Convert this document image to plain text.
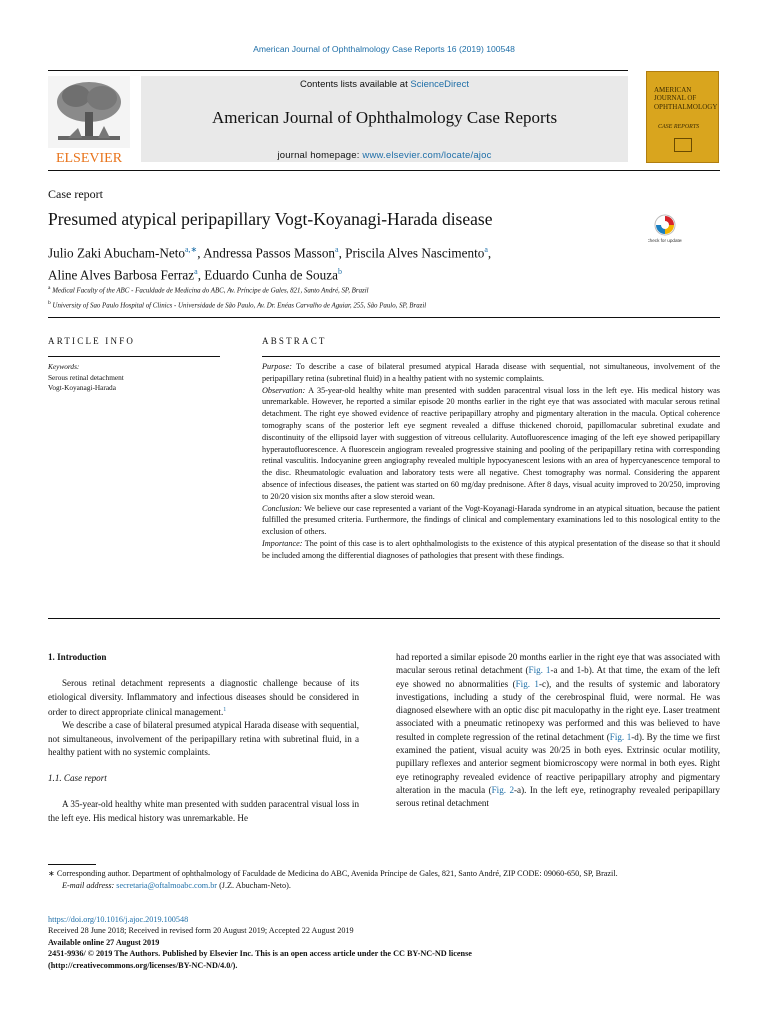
American Journal of Ophthalmology Case Reports 16 (2019) 100548
ELSEVIER
Contents lists available at ScienceDirect
American Journal of Ophthalmology Case Reports
journal homepage: www.elsevier.com/locate/ajoc
AMERICAN
JOURNAL OF
OPHTHALMOLOGY
CASE REPORTS
Case report
Presumed atypical peripapillary Vogt-Koyanagi-Harada disease
Check for updates
Julio Zaki Abucham-Neto$^{a,∗}$, Andressa Passos Masson$^a$, Priscila Alves Nascimento$^a$,
Aline Alves Barbosa Ferraz$^a$, Eduardo Cunha de Souza$^b$
$^a$ Medical Faculty of the ABC - Faculdade de Medicina do ABC, Av. Príncipe de Gales, 821, Santo André, SP, Brazil
$^b$ University of Sao Paulo Hospital of Clinics - Universidade de São Paulo, Av. Dr. Enéas Carvalho de Aguiar, 255, São Paulo, SP, Brazil
ARTICLE INFO	ABSTRACT
Keywords:
Serous retinal detachment
Vogt-Koyanagi-Harada
Purpose: To describe a case of bilateral presumed atypical Harada disease with sequential, not simultaneous, involvement of the peripapillary retina (subretinal fluid) in a healthy patient with no systemic complaints.
Observation: A 35-year-old healthy white man presented with sudden paracentral visual loss in the left eye. His medical history was unremarkable. However, he reported a similar episode 20 months earlier in the right eye that was associated with macular serous retinal detachment. The right eye showed evidence of reactive peripapillary atrophy and pigmentary alteration in the macula. Optical coherence tomography scans of the posterior left eye segment revealed a diffuse thickened choroid, papillomacular subretinal exudate and discontinuity of the ellipsoid layer with suggestion of vitreous cellularity. Autofluorescence imaging of the left eye showed peripapillary hyperautofluorescence. A fluorescein angiogram revealed progressive staining and pooling of the peripapillary retina with corresponding retinal vasculitis. Indocyanine green angiography revealed multiple hypocyanescent lesions with an area of hypercyanescence temporal to the disc. Rheumatologic evaluation and laboratory tests were all negative. Chest tomography was normal. Considering the apparent absence of infectious diseases, the patient was started on 60 mg/day prednisone. After 8 days, visual acuity improved to 20/250, improving to 20/20 vision six months after a slow steroid wean.
Conclusion: We believe our case represented a variant of the Vogt-Koyanagi-Harada syndrome in an atypical situation, because the patient fulfilled the presumed criteria. Furthermore, the findings of clinical and complementary examinations led to this nosological entity to the exclusion of others.
Importance: The point of this case is to alert ophthalmologists to the existence of this atypical presentation of the disease so that it should be included among the differential diagnoses of pathologies that present with these findings.
1. Introduction
Serous retinal detachment represents a diagnostic challenge because of its etiological diversity. Inflammatory and infectious diseases should be considered in order to direct appropriate clinical management.$^1$
We describe a case of bilateral presumed atypical Harada disease with sequential, not simultaneous, involvement of the peripapillary retina with subretinal fluid, in a healthy patient with no systemic complaints.
1.1. Case report
A 35-year-old healthy white man presented with sudden paracentral visual loss in the left eye. His medical history was unremarkable. He
had reported a similar episode 20 months earlier in the right eye that was associated with macular serous retinal detachment (Fig. 1-a and 1-b). At that time, the exam of the left eye showed no abnormalities (Fig. 1-c), and the results of systemic and laboratory investigations, including a study of the cerebrospinal fluid, were normal. He was diagnosed elsewhere with an optic disc pit maculopathy in the right eye. Laser treatment associated with a pneumatic retinopexy was performed and this was believed to have resulted in complete regression of the retinal detachment (Fig. 1-d). By the time we first examined the patient, visual acuity was 20/25 in both eyes. Extrinsic ocular motility, pupillary reflexes and anterior segment biomicroscopy were normal in both eyes. Right eye retinography revealed evidence of reactive peripapillary atrophy and pigmentary alteration in the macula (Fig. 2-a). In the left eye, retinography revealed peripapillary serous retinal detachment
∗ Corresponding author. Department of ophthalmology of Faculdade de Medicina do ABC, Avenida Príncipe de Gales, 821, Santo André, ZIP CODE: 09060-650, SP, Brazil.
E-mail address: secretaria@oftalmoabc.com.br (J.Z. Abucham-Neto).
https://doi.org/10.1016/j.ajoc.2019.100548
Received 28 June 2018; Received in revised form 20 August 2019; Accepted 22 August 2019
Available online 27 August 2019
2451-9936/ © 2019 The Authors. Published by Elsevier Inc. This is an open access article under the CC BY-NC-ND license
(http://creativecommons.org/licenses/BY-NC-ND/4.0/).
